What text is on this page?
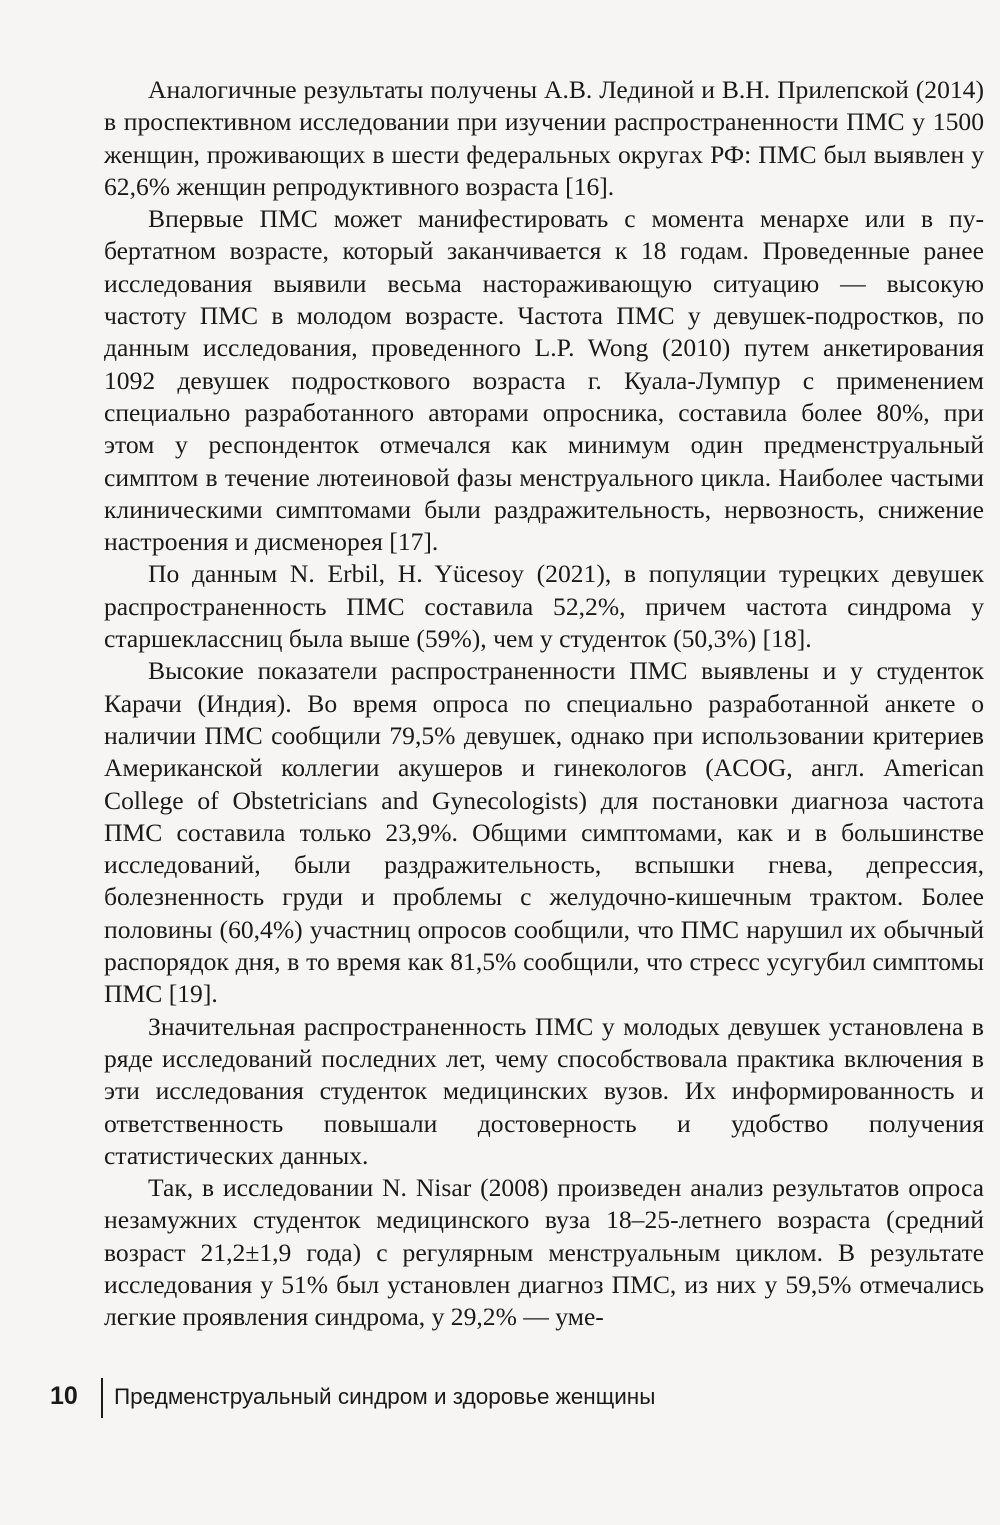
Аналогичные результаты получены А.В. Лединой и В.Н. Прилепской (2014) в проспективном исследовании при изучении распространенности ПМС у 1500 женщин, проживающих в шести федеральных округах РФ: ПМС был выявлен у 62,6% женщин репродуктивного возраста [16].

Впервые ПМС может манифестировать с момента менархе или в пубертатном возрасте, который заканчивается к 18 годам. Проведенные ранее исследования выявили весьма настораживающую ситуацию — высокую частоту ПМС в молодом возрасте. Частота ПМС у девушек-подростков, по данным исследования, проведенного L.P. Wong (2010) путем анкетирования 1092 девушек подросткового возраста г. Куала-Лумпур с применением специально разработанного авторами опросника, составила более 80%, при этом у респонденток отмечался как минимум один предменструальный симптом в течение лютеиновой фазы менструального цикла. Наиболее частыми клиническими симптомами были раздражительность, нервозность, снижение настроения и дисменорея [17].

По данным N. Erbil, H. Yücesoy (2021), в популяции турецких девушек распространенность ПМС составила 52,2%, причем частота синдрома у старшеклассниц была выше (59%), чем у студенток (50,3%) [18].

Высокие показатели распространенности ПМС выявлены и у студенток Карачи (Индия). Во время опроса по специально разработанной анкете о наличии ПМС сообщили 79,5% девушек, однако при использовании критериев Американской коллегии акушеров и гинекологов (ACOG, англ. American College of Obstetricians and Gynecologists) для постановки диагноза частота ПМС составила только 23,9%. Общими симптомами, как и в большинстве исследований, были раздражительность, вспышки гнева, депрессия, болезненность груди и проблемы с желудочно-кишечным трактом. Более половины (60,4%) участниц опросов сообщили, что ПМС нарушил их обычный распорядок дня, в то время как 81,5% сообщили, что стресс усугубил симптомы ПМС [19].

Значительная распространенность ПМС у молодых девушек установлена в ряде исследований последних лет, чему способствовала практика включения в эти исследования студенток медицинских вузов. Их информированность и ответственность повышали достоверность и удобство получения статистических данных.

Так, в исследовании N. Nisar (2008) произведен анализ результатов опроса незамужних студенток медицинского вуза 18–25-летнего возраста (средний возраст 21,2±1,9 года) с регулярным менструальным циклом. В результате исследования у 51% был установлен диагноз ПМС, из них у 59,5% отмечались легкие проявления синдрома, у 29,2% — уме-

10 Предменструальный синдром и здоровье женщины
